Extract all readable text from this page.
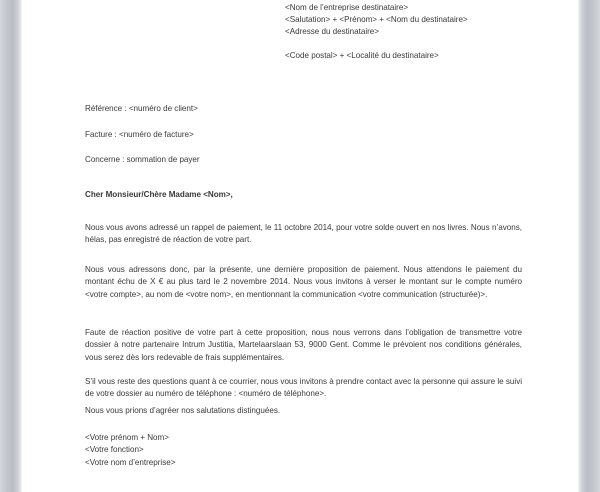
<Nom de l’entreprise destinataire>
<Salutation> + <Prénom> + <Nom du destinataire>
<Adresse du destinataire>
<Code postal> + <Localité du destinataire>
Référence : <numéro de client>
Facture : <numéro de facture>
Concerne : sommation de payer
Cher Monsieur/Chère Madame <Nom>,

Nous vous avons adressé un rappel de paiement, le 11 octobre 2014, pour votre solde ouvert en nos livres. Nous n’avons, hélas, pas enregistré de réaction de votre part.

Nous vous adressons donc, par la présente, une dernière proposition de paiement. Nous attendons le paiement du montant échu de X € au plus tard le 2 novembre 2014. Nous vous invitons à verser le montant sur le compte numéro <votre compte>, au nom de <votre nom>, en mentionnant la communication <votre communication (structurée)>.

Faute de réaction positive de votre part à cette proposition, nous nous verrons dans l’obligation de transmettre votre dossier à notre partenaire Intrum Justitia, Martelaarslaan 53, 9000 Gent. Comme le prévoient nos conditions générales, vous serez dès lors redevable de frais supplémentaires.

S’il vous reste des questions quant à ce courrier, nous vous invitons à prendre contact avec la personne qui assure le suivi de votre dossier au numéro de téléphone : <numéro de téléphone>.

Nous vous prions d’agréer nos salutations distinguées.
<Votre prénom + Nom>
<Votre fonction>
<Votre nom d’entreprise>
